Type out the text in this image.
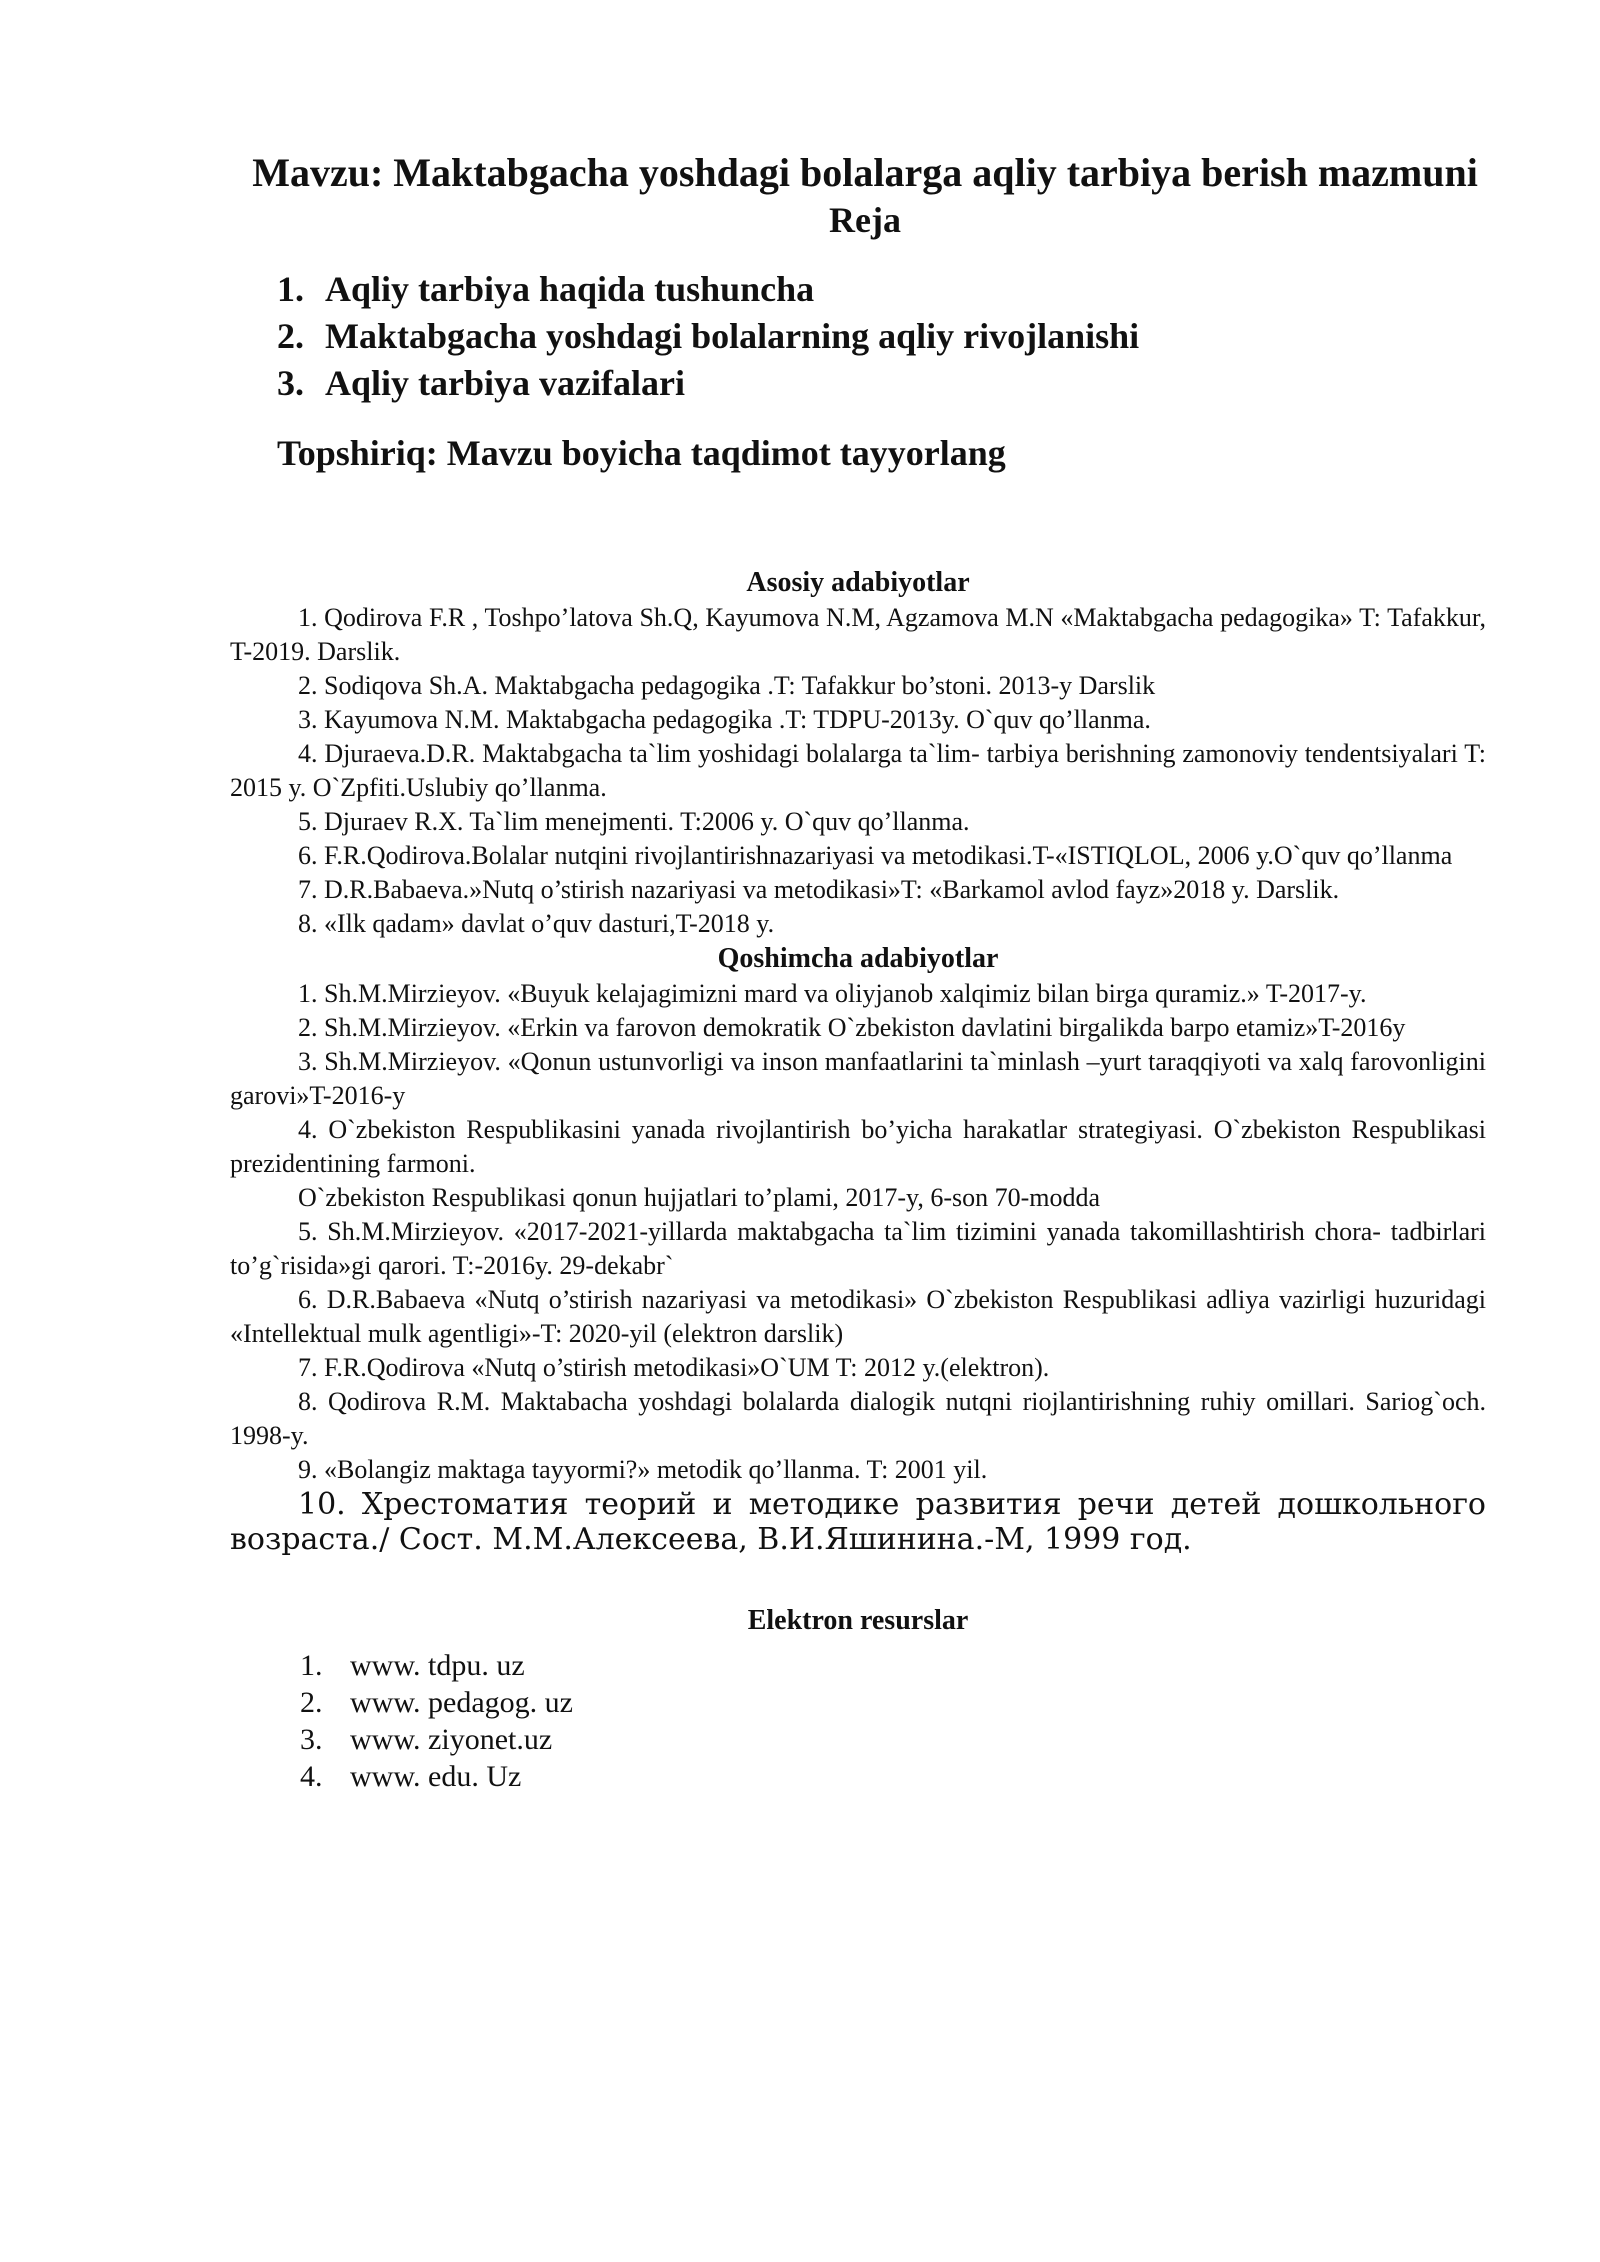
Mavzu: Maktabgacha yoshdagi bolalarga aqliy tarbiya berish mazmuni
Reja
1. Aqliy tarbiya haqida tushuncha
2. Maktabgacha yoshdagi bolalarning aqliy rivojlanishi
3. Aqliy tarbiya vazifalari
Topshiriq: Mavzu boyicha taqdimot tayyorlang
Asosiy adabiyotlar

1. Qodirova F.R , Toshpo’latova Sh.Q, Kayumova N.M, Agzamova M.N «Maktabgacha pedagogika» T: Tafakkur, T-2019. Darslik.

2. Sodiqova Sh.A. Maktabgacha pedagogika .T: Tafakkur bo’stoni. 2013-y Darslik

3. Kayumova N.M. Maktabgacha pedagogika .T: TDPU-2013y. O`quv qo’llanma.

4. Djuraeva.D.R. Maktabgacha ta`lim yoshidagi bolalarga ta`lim- tarbiya berishning zamonoviy tendentsiyalari T: 2015 y. O`Zpfiti.Uslubiy qo’llanma.

5. Djuraev R.X. Ta`lim menejmenti. T:2006 y. O`quv qo’llanma.

6. F.R.Qodirova.Bolalar nutqini rivojlantirishnazariyasi va metodikasi.T-«ISTIQLOL, 2006 y.O`quv qo’llanma

7. D.R.Babaeva.»Nutq o’stirish nazariyasi va metodikasi»T: «Barkamol avlod fayz»2018 y. Darslik.

8. «Ilk qadam» davlat o’quv dasturi,T-2018 y.

Qoshimcha adabiyotlar

1. Sh.M.Mirzieyov. «Buyuk kelajagimizni mard va oliyjanob xalqimiz bilan birga quramiz.» T-2017-y.

2. Sh.M.Mirzieyov. «Erkin va farovon demokratik O`zbekiston davlatini birgalikda barpo etamiz»T-2016y

3. Sh.M.Mirzieyov. «Qonun ustunvorligi va inson manfaatlarini ta`minlash –yurt taraqqiyoti va xalq farovonligini garovi»T-2016-y

4. O`zbekiston Respublikasini yanada rivojlantirish bo’yicha harakatlar strategiyasi. O`zbekiston Respublikasi prezidentining farmoni.

O`zbekiston Respublikasi qonun hujjatlari to’plami, 2017-y, 6-son 70-modda

5. Sh.M.Mirzieyov. «2017-2021-yillarda maktabgacha ta`lim tizimini yanada takomillashtirish chora- tadbirlari to’g`risida»gi qarori. T:-2016y. 29-dekabr`

6. D.R.Babaeva «Nutq o’stirish nazariyasi va metodikasi» O`zbekiston Respublikasi adliya vazirligi huzuridagi «Intellektual mulk agentligi»-T: 2020-yil (elektron darslik)

7. F.R.Qodirova «Nutq o’stirish metodikasi»O`UM T: 2012 y.(elektron).

8. Qodirova R.M. Maktabacha yoshdagi bolalarda dialogik nutqni riojlantirishning ruhiy omillari. Sariog`och. 1998-y.

9. «Bolangiz maktaga tayyormi?» metodik qo’llanma. T: 2001 yil.

10. Хрестоматия теорий и методике развития речи детей дошкольного возраста./ Сост. М.М.Алексеева, В.И.Яшинина.-М, 1999 год.

Elektron resurslar
1. www. tdpu. uz
2. www. pedagog. uz
3. www. ziyonet.uz
4. www. edu. Uz
